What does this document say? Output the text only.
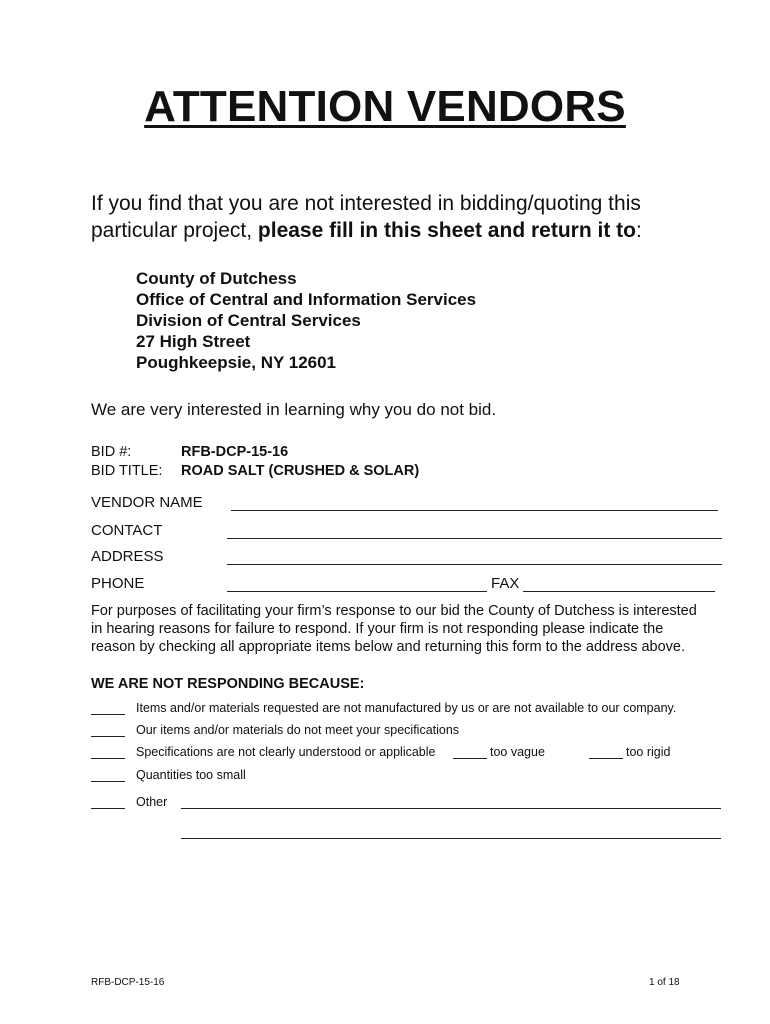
ATTENTION VENDORS
If you find that you are not interested in bidding/quoting this
particular project, please fill in this sheet and return it to:
County of Dutchess
Office of Central and Information Services
Division of Central Services
27 High Street
Poughkeepsie, NY 12601
We are very interested in learning why you do not bid.
BID #:	RFB-DCP-15-16
BID TITLE:	ROAD SALT (CRUSHED & SOLAR)
VENDOR NAME
CONTACT
ADDRESS
PHONE	FAX
For purposes of facilitating your firm’s response to our bid the County of Dutchess is interested
in hearing reasons for failure to respond. If your firm is not responding please indicate the
reason by checking all appropriate items below and returning this form to the address above.
WE ARE NOT RESPONDING BECAUSE:
Items and/or materials requested are not manufactured by us or are not available to our company.
Our items and/or materials do not meet your specifications
Specifications are not clearly understood or applicable	too vague	too rigid
Quantities too small
Other
RFB-DCP-15-16	1 of 18
